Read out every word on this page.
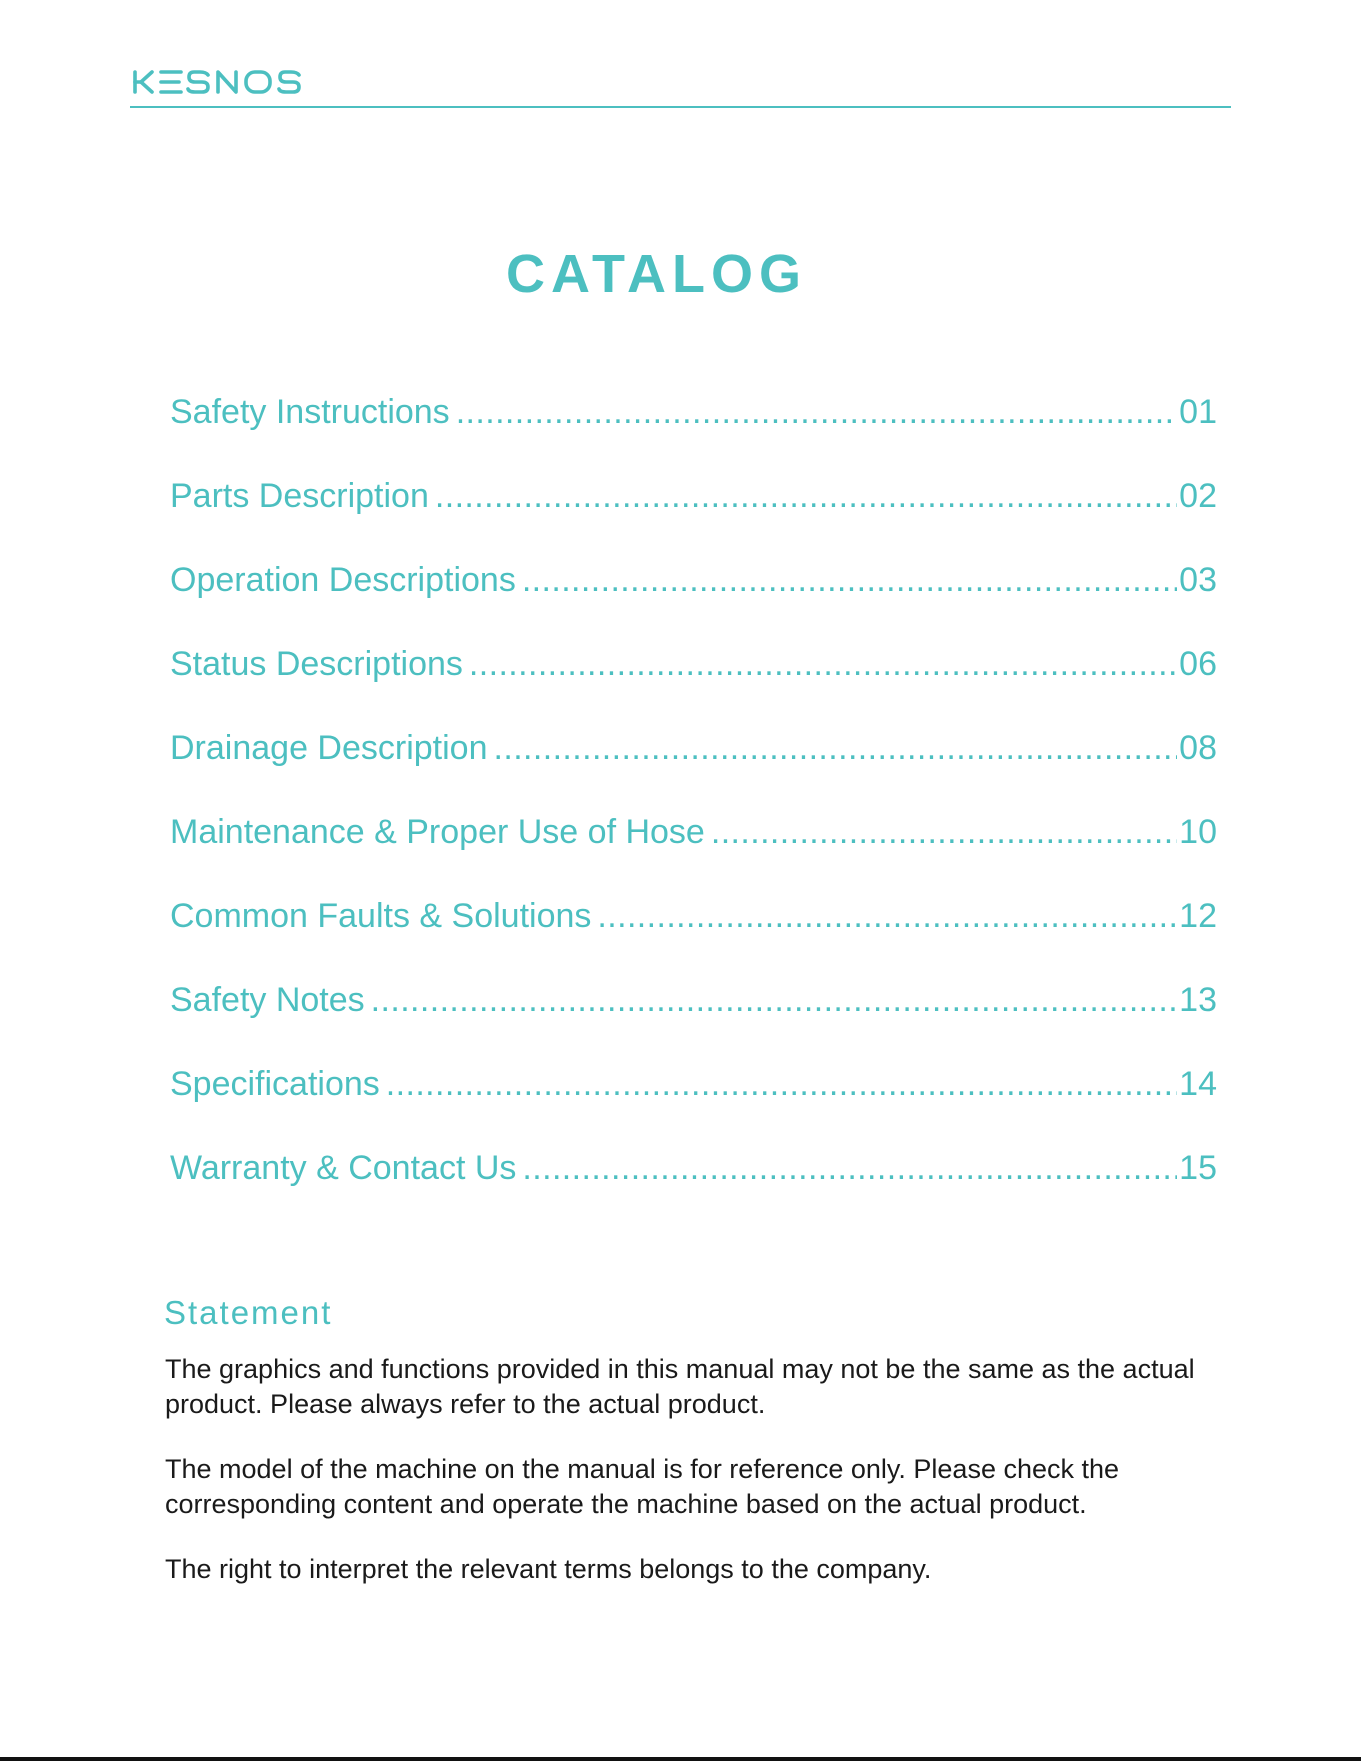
CATALOG
Safety Instructions .....	01
Parts Description .....	02
Operation Descriptions .....	03
Status Descriptions .....	06
Drainage Description .....	08
Maintenance & Proper Use of Hose .....	10
Common Faults & Solutions .....	12
Safety Notes .....	13
Specifications .....	14
Warranty & Contact Us .....	15
Statement

The graphics and functions provided in this manual may not be the same as the actual product. Please always refer to the actual product.

The model of the machine on the manual is for reference only. Please check the corresponding content and operate the machine based on the actual product.

The right to interpret the relevant terms belongs to the company.
